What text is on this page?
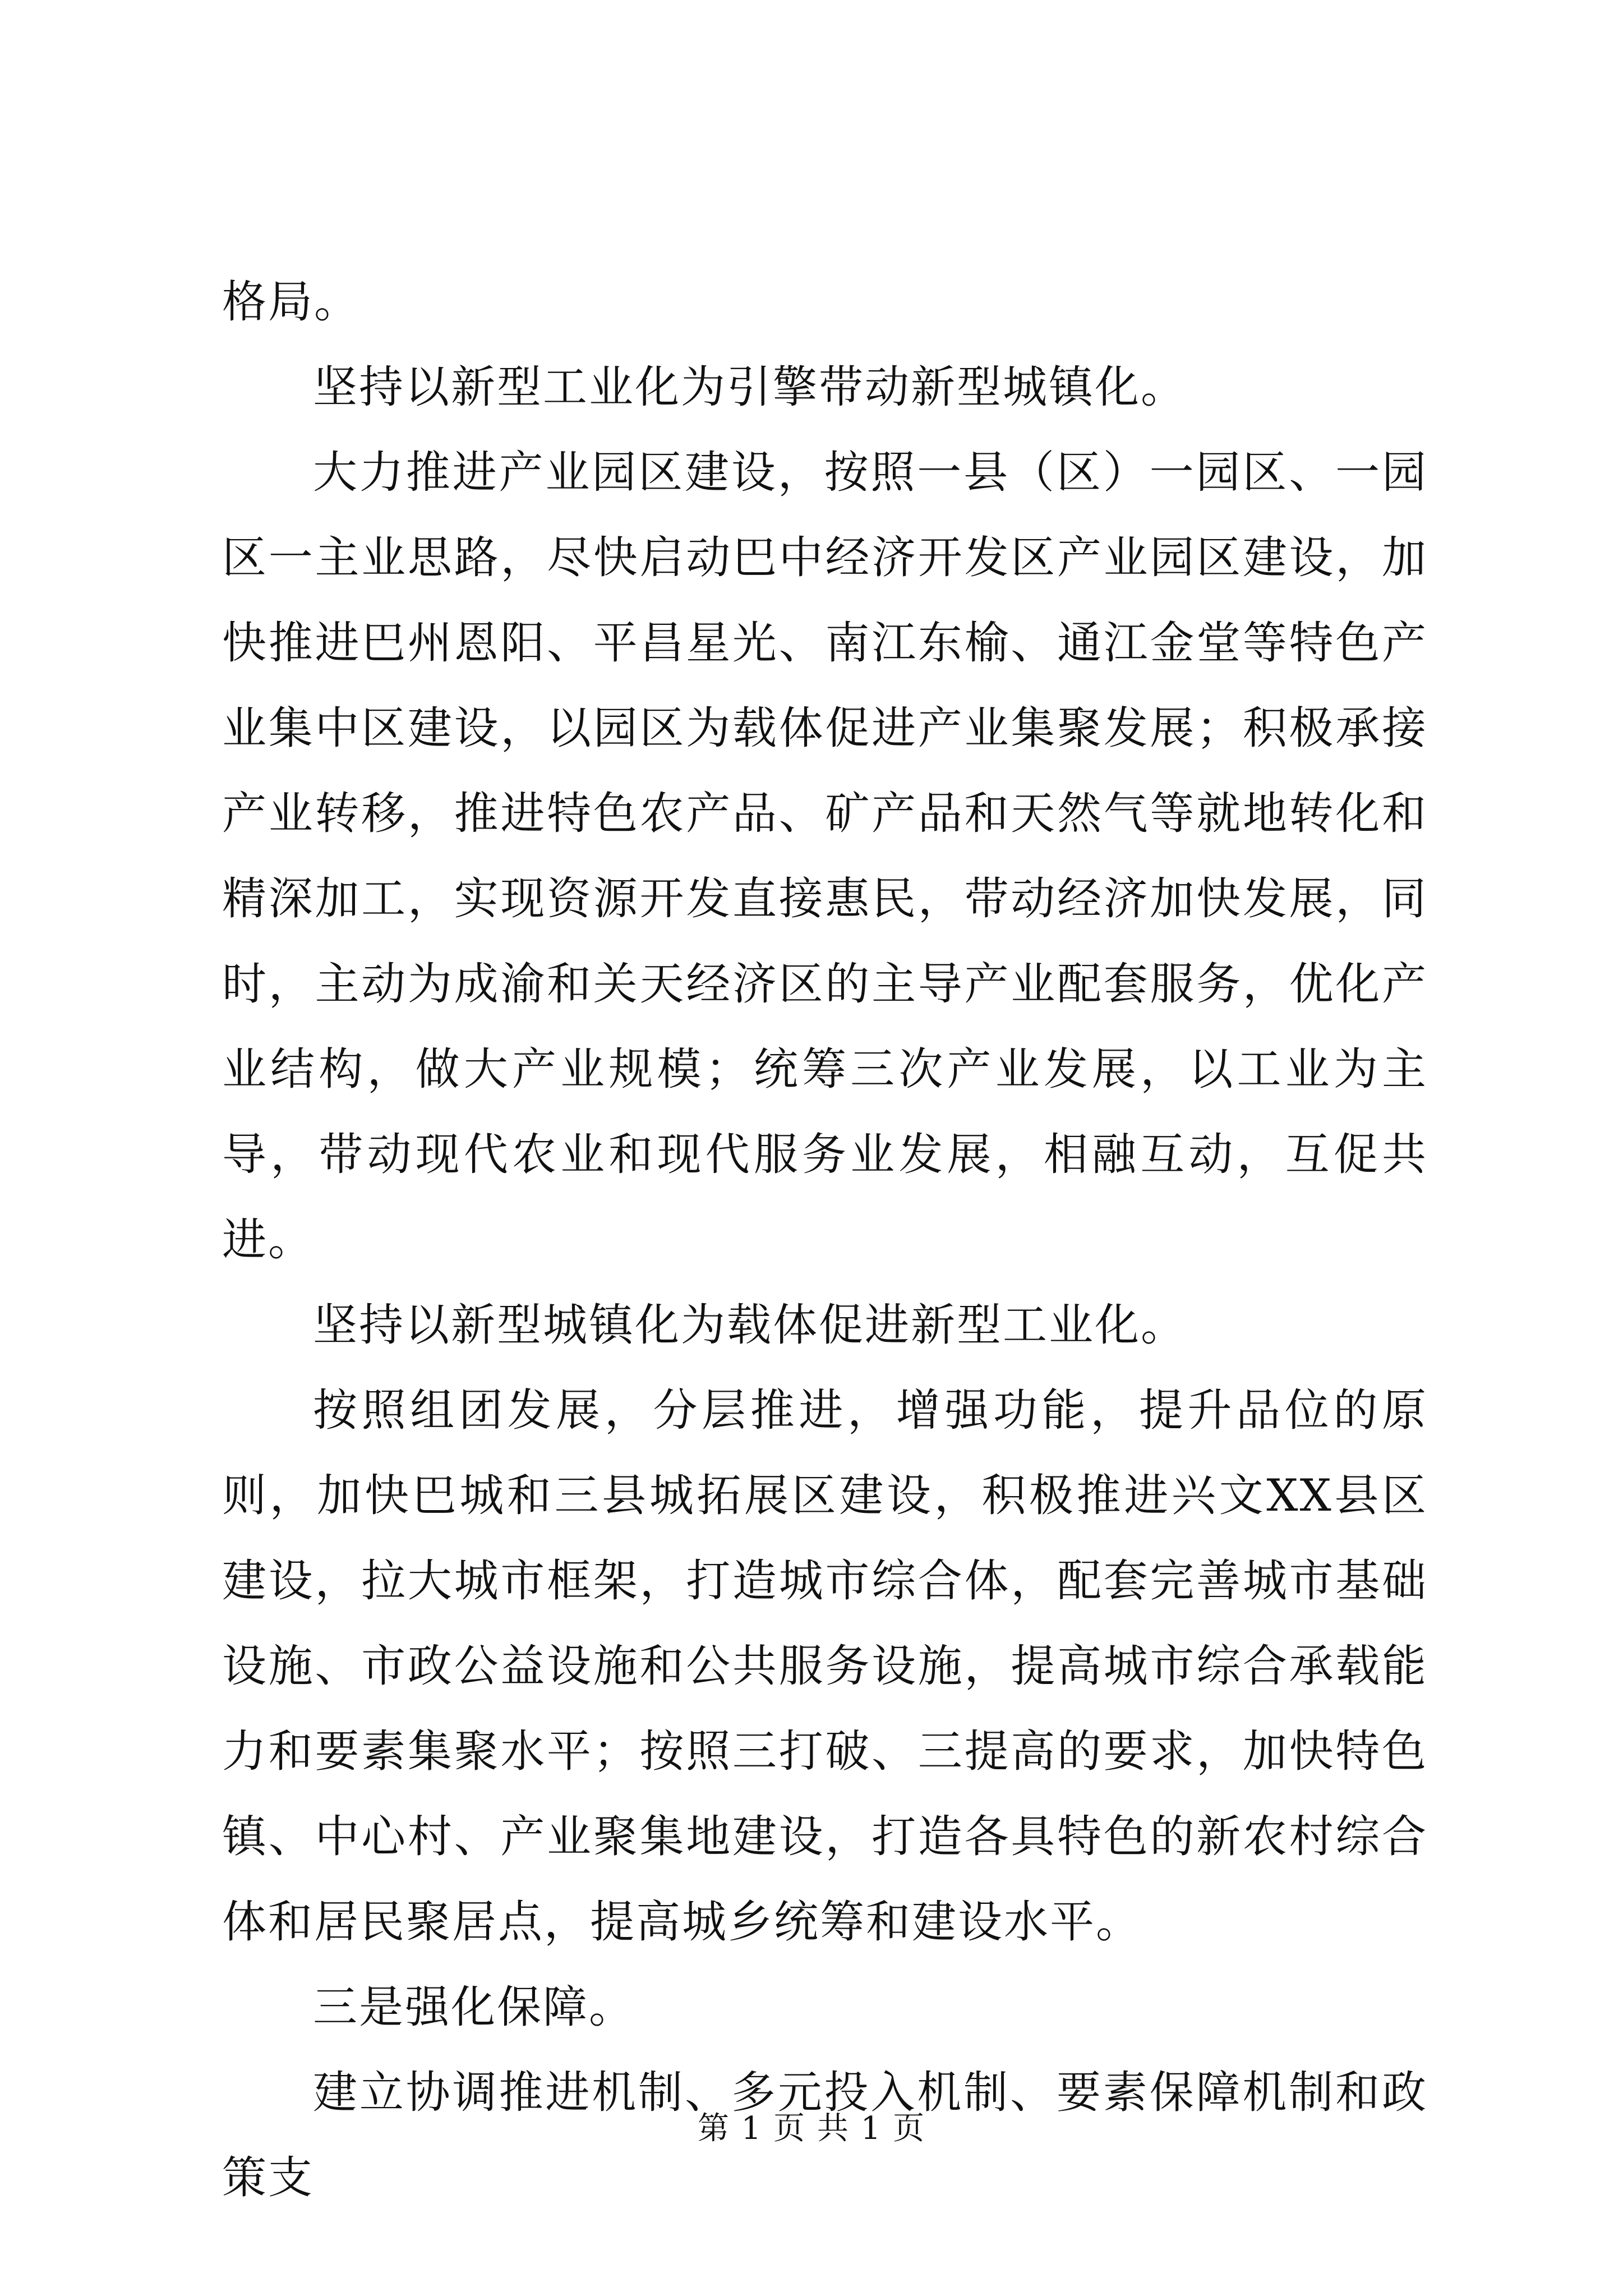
格局。

坚持以新型工业化为引擎带动新型城镇化。

大力推进产业园区建设，按照一县（区）一园区、一园区一主业思路，尽快启动巴中经济开发区产业园区建设，加快推进巴州恩阳、平昌星光、南江东榆、通江金堂等特色产业集中区建设，以园区为载体促进产业集聚发展；积极承接产业转移，推进特色农产品、矿产品和天然气等就地转化和精深加工，实现资源开发直接惠民，带动经济加快发展，同时，主动为成渝和关天经济区的主导产业配套服务，优化产业结构，做大产业规模；统筹三次产业发展，以工业为主导，带动现代农业和现代服务业发展，相融互动，互促共进。

坚持以新型城镇化为载体促进新型工业化。

按照组团发展，分层推进，增强功能，提升品位的原则，加快巴城和三县城拓展区建设，积极推进兴文XX县区建设，拉大城市框架，打造城市综合体，配套完善城市基础设施、市政公益设施和公共服务设施，提高城市综合承载能力和要素集聚水平；按照三打破、三提高的要求，加快特色镇、中心村、产业聚集地建设，打造各具特色的新农村综合体和居民聚居点，提高城乡统筹和建设水平。

三是强化保障。

建立协调推进机制、多元投入机制、要素保障机制和政策支

第 1 页 共 1 页
